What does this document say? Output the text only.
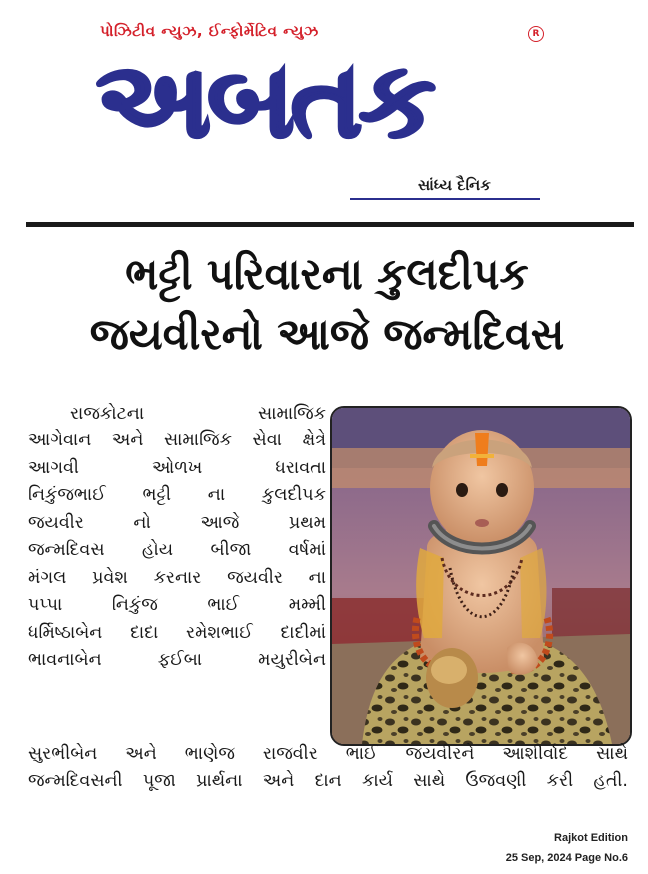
પોઝિટીવ ન્યુઝ, ઈન્ફોર્મેટિવ ન્યુઝ	R
અબતક
સાંધ્ય દૈનિક
ભટ્ટી પરિવારના કુલદીપક
જયવીરનો આજે જન્મદિવસ
રાજકોટના સામાજિક
આગેવાન અને સામાજિક સેવા ક્ષેત્રે
આગવી ઓળખ ધરાવતા
નિકુંજભાઈ ભટ્ટી ના કુલદીપક
જયવીર નો આજે પ્રથમ
જન્મદિવસ હોય બીજા વર્ષમાં
મંગલ પ્રવેશ કરનાર જયવીર ના
પપ્પા નિકુંજ ભાઈ મમ્મી
ધર્મિષ્ઠાબેન દાદા રમેશભાઈ દાદીમાં
ભાવનાબેન ફઈબા મયુરીબેન
સુરભીબેન અને ભાણેજ રાજવીર ભાઈ જયવીરને આશીર્વાદ સાથે
જન્મદિવસની પૂજા પ્રાર્થના અને દાન કાર્ય સાથે ઉજવણી કરી હતી.
Rajkot Edition
25 Sep, 2024 Page No.6
